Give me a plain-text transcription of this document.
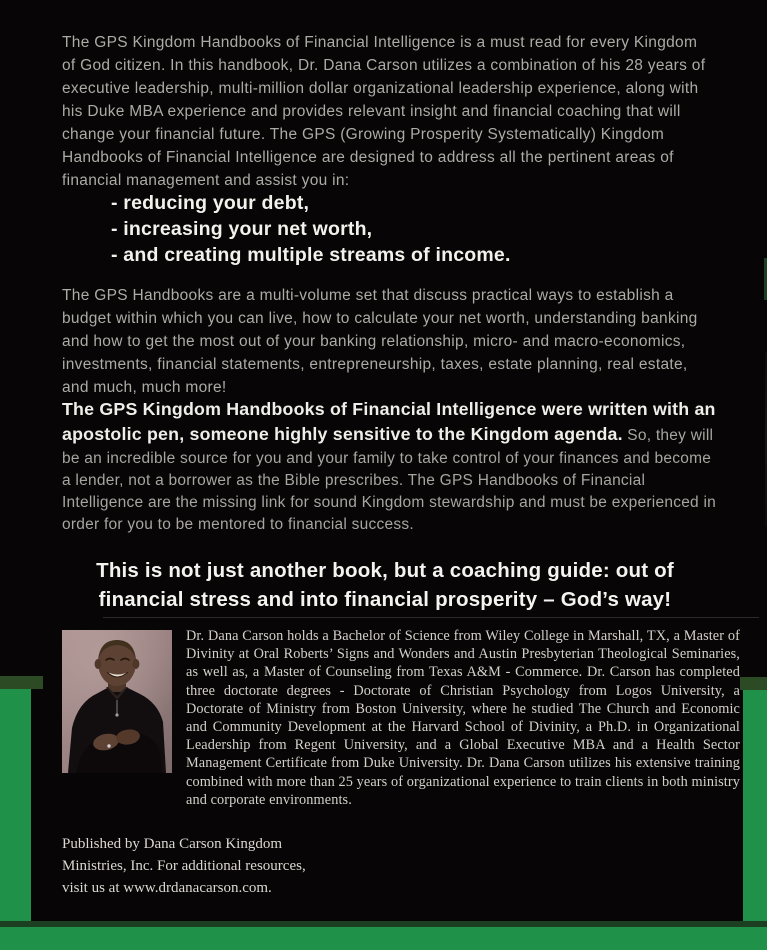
The GPS Kingdom Handbooks of Financial Intelligence is a must read for every Kingdom of God citizen. In this handbook, Dr. Dana Carson utilizes a combination of his 28 years of executive leadership, multi-million dollar organizational leadership experience, along with his Duke MBA experience and provides relevant insight and financial coaching that will change your financial future. The GPS (Growing Prosperity Systematically) Kingdom Handbooks of Financial Intelligence are designed to address all the pertinent areas of financial management and assist you in:

- reducing your debt,
- increasing your net worth,
- and creating multiple streams of income.

The GPS Handbooks are a multi-volume set that discuss practical ways to establish a budget within which you can live, how to calculate your net worth, understanding banking and how to get the most out of your banking relationship, micro- and macro-economics, investments, financial statements, entrepreneurship, taxes, estate planning, real estate, and much, much more!

The GPS Kingdom Handbooks of Financial Intelligence were written with an apostolic pen, someone highly sensitive to the Kingdom agenda. So, they will be an incredible source for you and your family to take control of your finances and become a lender, not a borrower as the Bible prescribes. The GPS Handbooks of Financial Intelligence are the missing link for sound Kingdom stewardship and must be experienced in order for you to be mentored to financial success.

This is not just another book, but a coaching guide: out of
financial stress and into financial prosperity – God’s way!

Dr. Dana Carson holds a Bachelor of Science from Wiley College in Marshall, TX, a Master of Divinity at Oral Roberts’ Signs and Wonders and Austin Presbyterian Theological Seminaries, as well as, a Master of Counseling from Texas A&M - Commerce. Dr. Carson has completed three doctorate degrees - Doctorate of Christian Psychology from Logos University, a Doctorate of Ministry from Boston University, where he studied The Church and Economic and Community Development at the Harvard School of Divinity, a Ph.D. in Organizational Leadership from Regent University, and a Global Executive MBA and a Health Sector Management Certificate from Duke University. Dr. Dana Carson utilizes his extensive training combined with more than 25 years of organizational experience to train clients in both ministry and corporate environments.

Published by Dana Carson Kingdom
Ministries, Inc. For additional resources,
visit us at www.drdanacarson.com.
